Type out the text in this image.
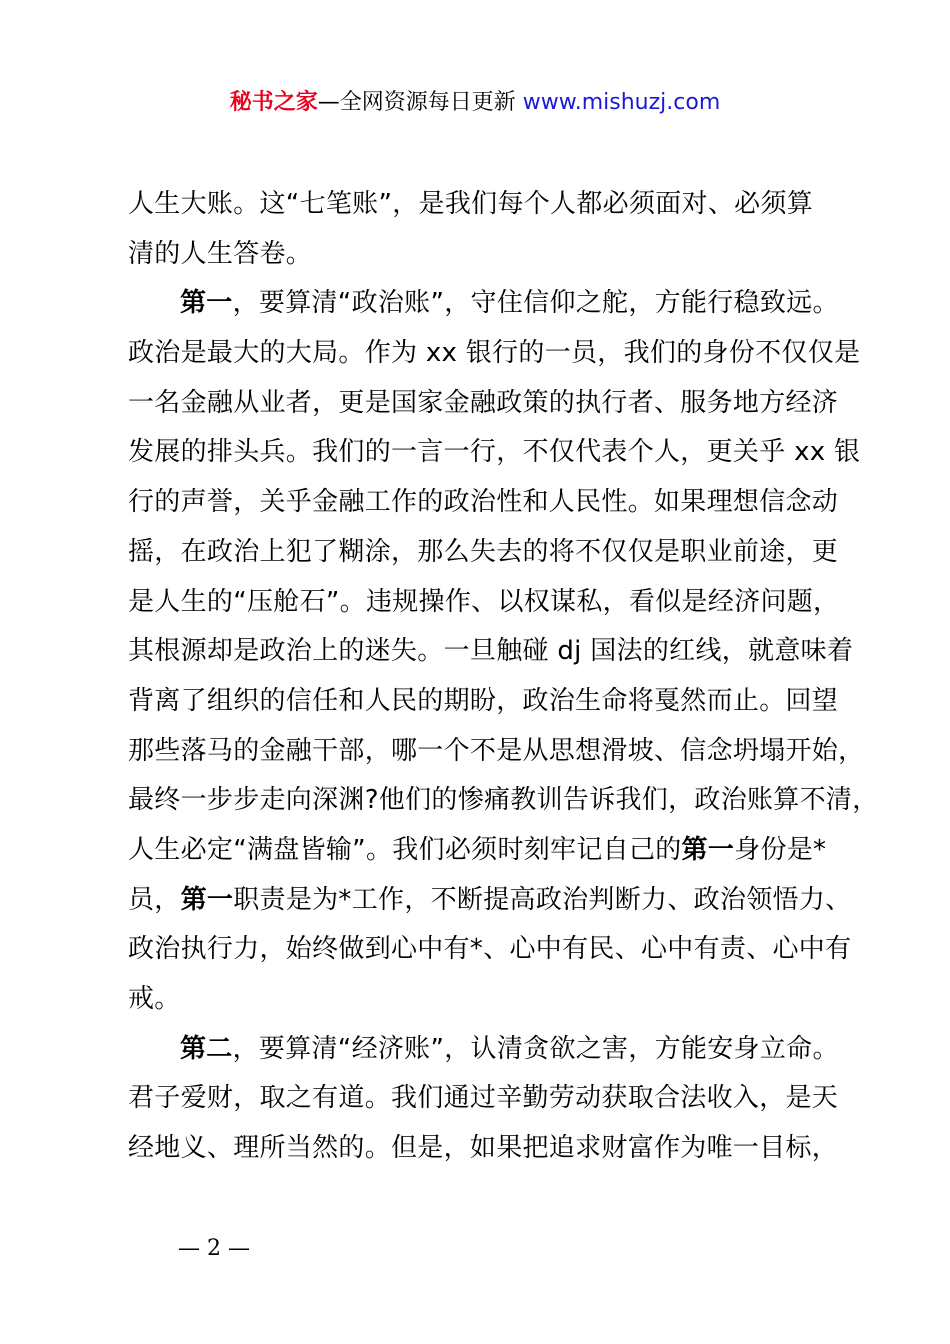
秘书之家—全网资源每日更新 www.mishuzj.com
人生大账。这“七笔账”，是我们每个人都必须面对、必须算
清的人生答卷。
第一，要算清“政治账”，守住信仰之舵，方能行稳致远。
政治是最大的大局。作为 xx 银行的一员，我们的身份不仅仅是
一名金融从业者，更是国家金融政策的执行者、服务地方经济
发展的排头兵。我们的一言一行，不仅代表个人，更关乎 xx 银
行的声誉，关乎金融工作的政治性和人民性。如果理想信念动
摇，在政治上犯了糊涂，那么失去的将不仅仅是职业前途，更
是人生的“压舱石”。违规操作、以权谋私，看似是经济问题，
其根源却是政治上的迷失。一旦触碰 dj 国法的红线，就意味着
背离了组织的信任和人民的期盼，政治生命将戛然而止。回望
那些落马的金融干部，哪一个不是从思想滑坡、信念坍塌开始，
最终一步步走向深渊?他们的惨痛教训告诉我们，政治账算不清，
人生必定“满盘皆输”。我们必须时刻牢记自己的第一身份是*
员，第一职责是为*工作，不断提高政治判断力、政治领悟力、
政治执行力，始终做到心中有*、心中有民、心中有责、心中有
戒。
第二，要算清“经济账”，认清贪欲之害，方能安身立命。
君子爱财，取之有道。我们通过辛勤劳动获取合法收入，是天
经地义、理所当然的。但是，如果把追求财富作为唯一目标，
— 2 —
